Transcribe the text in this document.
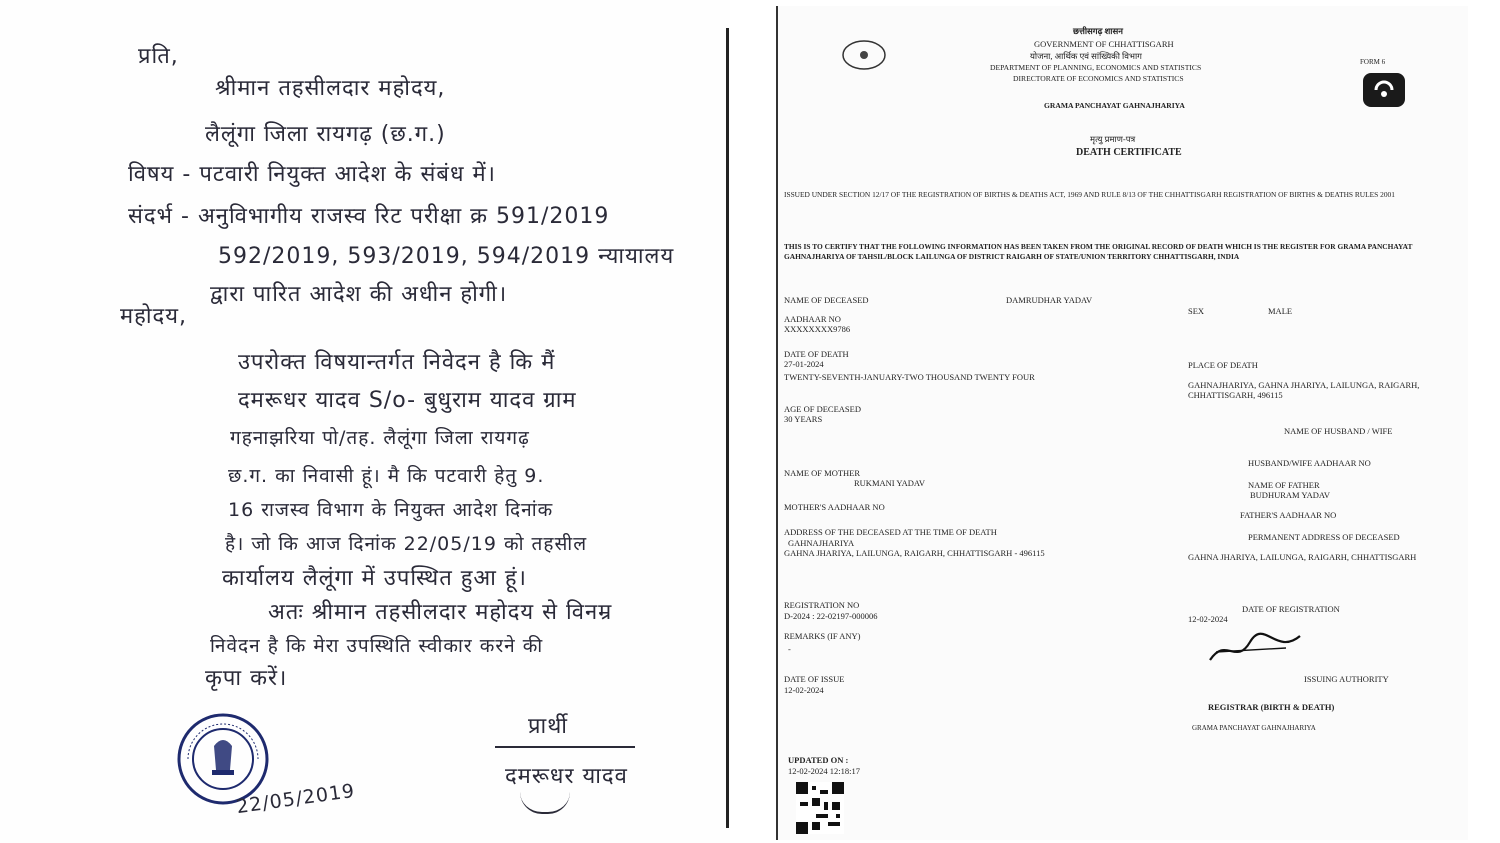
प्रति,
श्रीमान तहसीलदार महोदय,
लैलूंगा जिला रायगढ़ (छ.ग.)
विषय - पटवारी नियुक्त आदेश के संबंध में।
संदर्भ - अनुविभागीय राजस्व रिट परीक्षा क्र 591/2019
592/2019, 593/2019, 594/2019 न्यायालय
द्वारा पारित आदेश की अधीन होगी।
महोदय,
उपरोक्त विषयान्तर्गत निवेदन है कि मैं
दमरूधर यादव S/o- बुधुराम यादव ग्राम
गहनाझरिया पो/तह. लैलूंगा जिला रायगढ़
छ.ग. का निवासी हूं। मै कि पटवारी हेतु 9.
16 राजस्व विभाग के नियुक्त आदेश दिनांक
है। जो कि आज दिनांक 22/05/19 को तहसील
कार्यालय लैलूंगा में उपस्थित हुआ हूं।
अतः श्रीमान तहसीलदार महोदय से विनम्र
निवेदन है कि मेरा उपस्थिति स्वीकार करने की
कृपा करें।
प्रार्थी
दमरूधर यादव
22/05/2019
FORM 6
छत्तीसगढ़ शासन
GOVERNMENT OF CHHATTISGARH
योजना, आर्थिक एवं सांख्यिकी विभाग
DEPARTMENT OF PLANNING, ECONOMICS AND STATISTICS
DIRECTORATE OF ECONOMICS AND STATISTICS
GRAMA PANCHAYAT GAHNAJHARIYA
मृत्यु प्रमाण-पत्र
DEATH CERTIFICATE
ISSUED UNDER SECTION 12/17 OF THE REGISTRATION OF BIRTHS & DEATHS ACT, 1969 AND RULE 8/13 OF THE CHHATTISGARH REGISTRATION OF BIRTHS & DEATHS RULES 2001
THIS IS TO CERTIFY THAT THE FOLLOWING INFORMATION HAS BEEN TAKEN FROM THE ORIGINAL RECORD OF DEATH WHICH IS THE REGISTER FOR GRAMA PANCHAYAT GAHNAJHARIYA OF TAHSIL/BLOCK LAILUNGA OF DISTRICT RAIGARH OF STATE/UNION TERRITORY CHHATTISGARH, INDIA
NAME OF DECEASED	DAMRUDHAR YADAV
AADHAAR NO
XXXXXXXX9786
DATE OF DEATH
27-01-2024
TWENTY-SEVENTH-JANUARY-TWO THOUSAND TWENTY FOUR
AGE OF DECEASED
30 YEARS
NAME OF MOTHER
RUKMANI YADAV
MOTHER'S AADHAAR NO
ADDRESS OF THE DECEASED AT THE TIME OF DEATH
GAHNAJHARIYA
GAHNA JHARIYA, LAILUNGA, RAIGARH, CHHATTISGARH - 496115
REGISTRATION NO
D-2024 : 22-02197-000006
REMARKS (IF ANY)
-
DATE OF ISSUE
12-02-2024
UPDATED ON :
12-02-2024 12:18:17
SEX	MALE
PLACE OF DEATH
GAHNAJHARIYA, GAHNA JHARIYA, LAILUNGA, RAIGARH, CHHATTISGARH, 496115
NAME OF HUSBAND / WIFE
HUSBAND/WIFE AADHAAR NO
NAME OF FATHER
BUDHURAM YADAV
FATHER'S AADHAAR NO
PERMANENT ADDRESS OF DECEASED
GAHNA JHARIYA, LAILUNGA, RAIGARH, CHHATTISGARH
DATE OF REGISTRATION
12-02-2024
ISSUING AUTHORITY
REGISTRAR (BIRTH & DEATH)
GRAMA PANCHAYAT GAHNAJHARIYA
